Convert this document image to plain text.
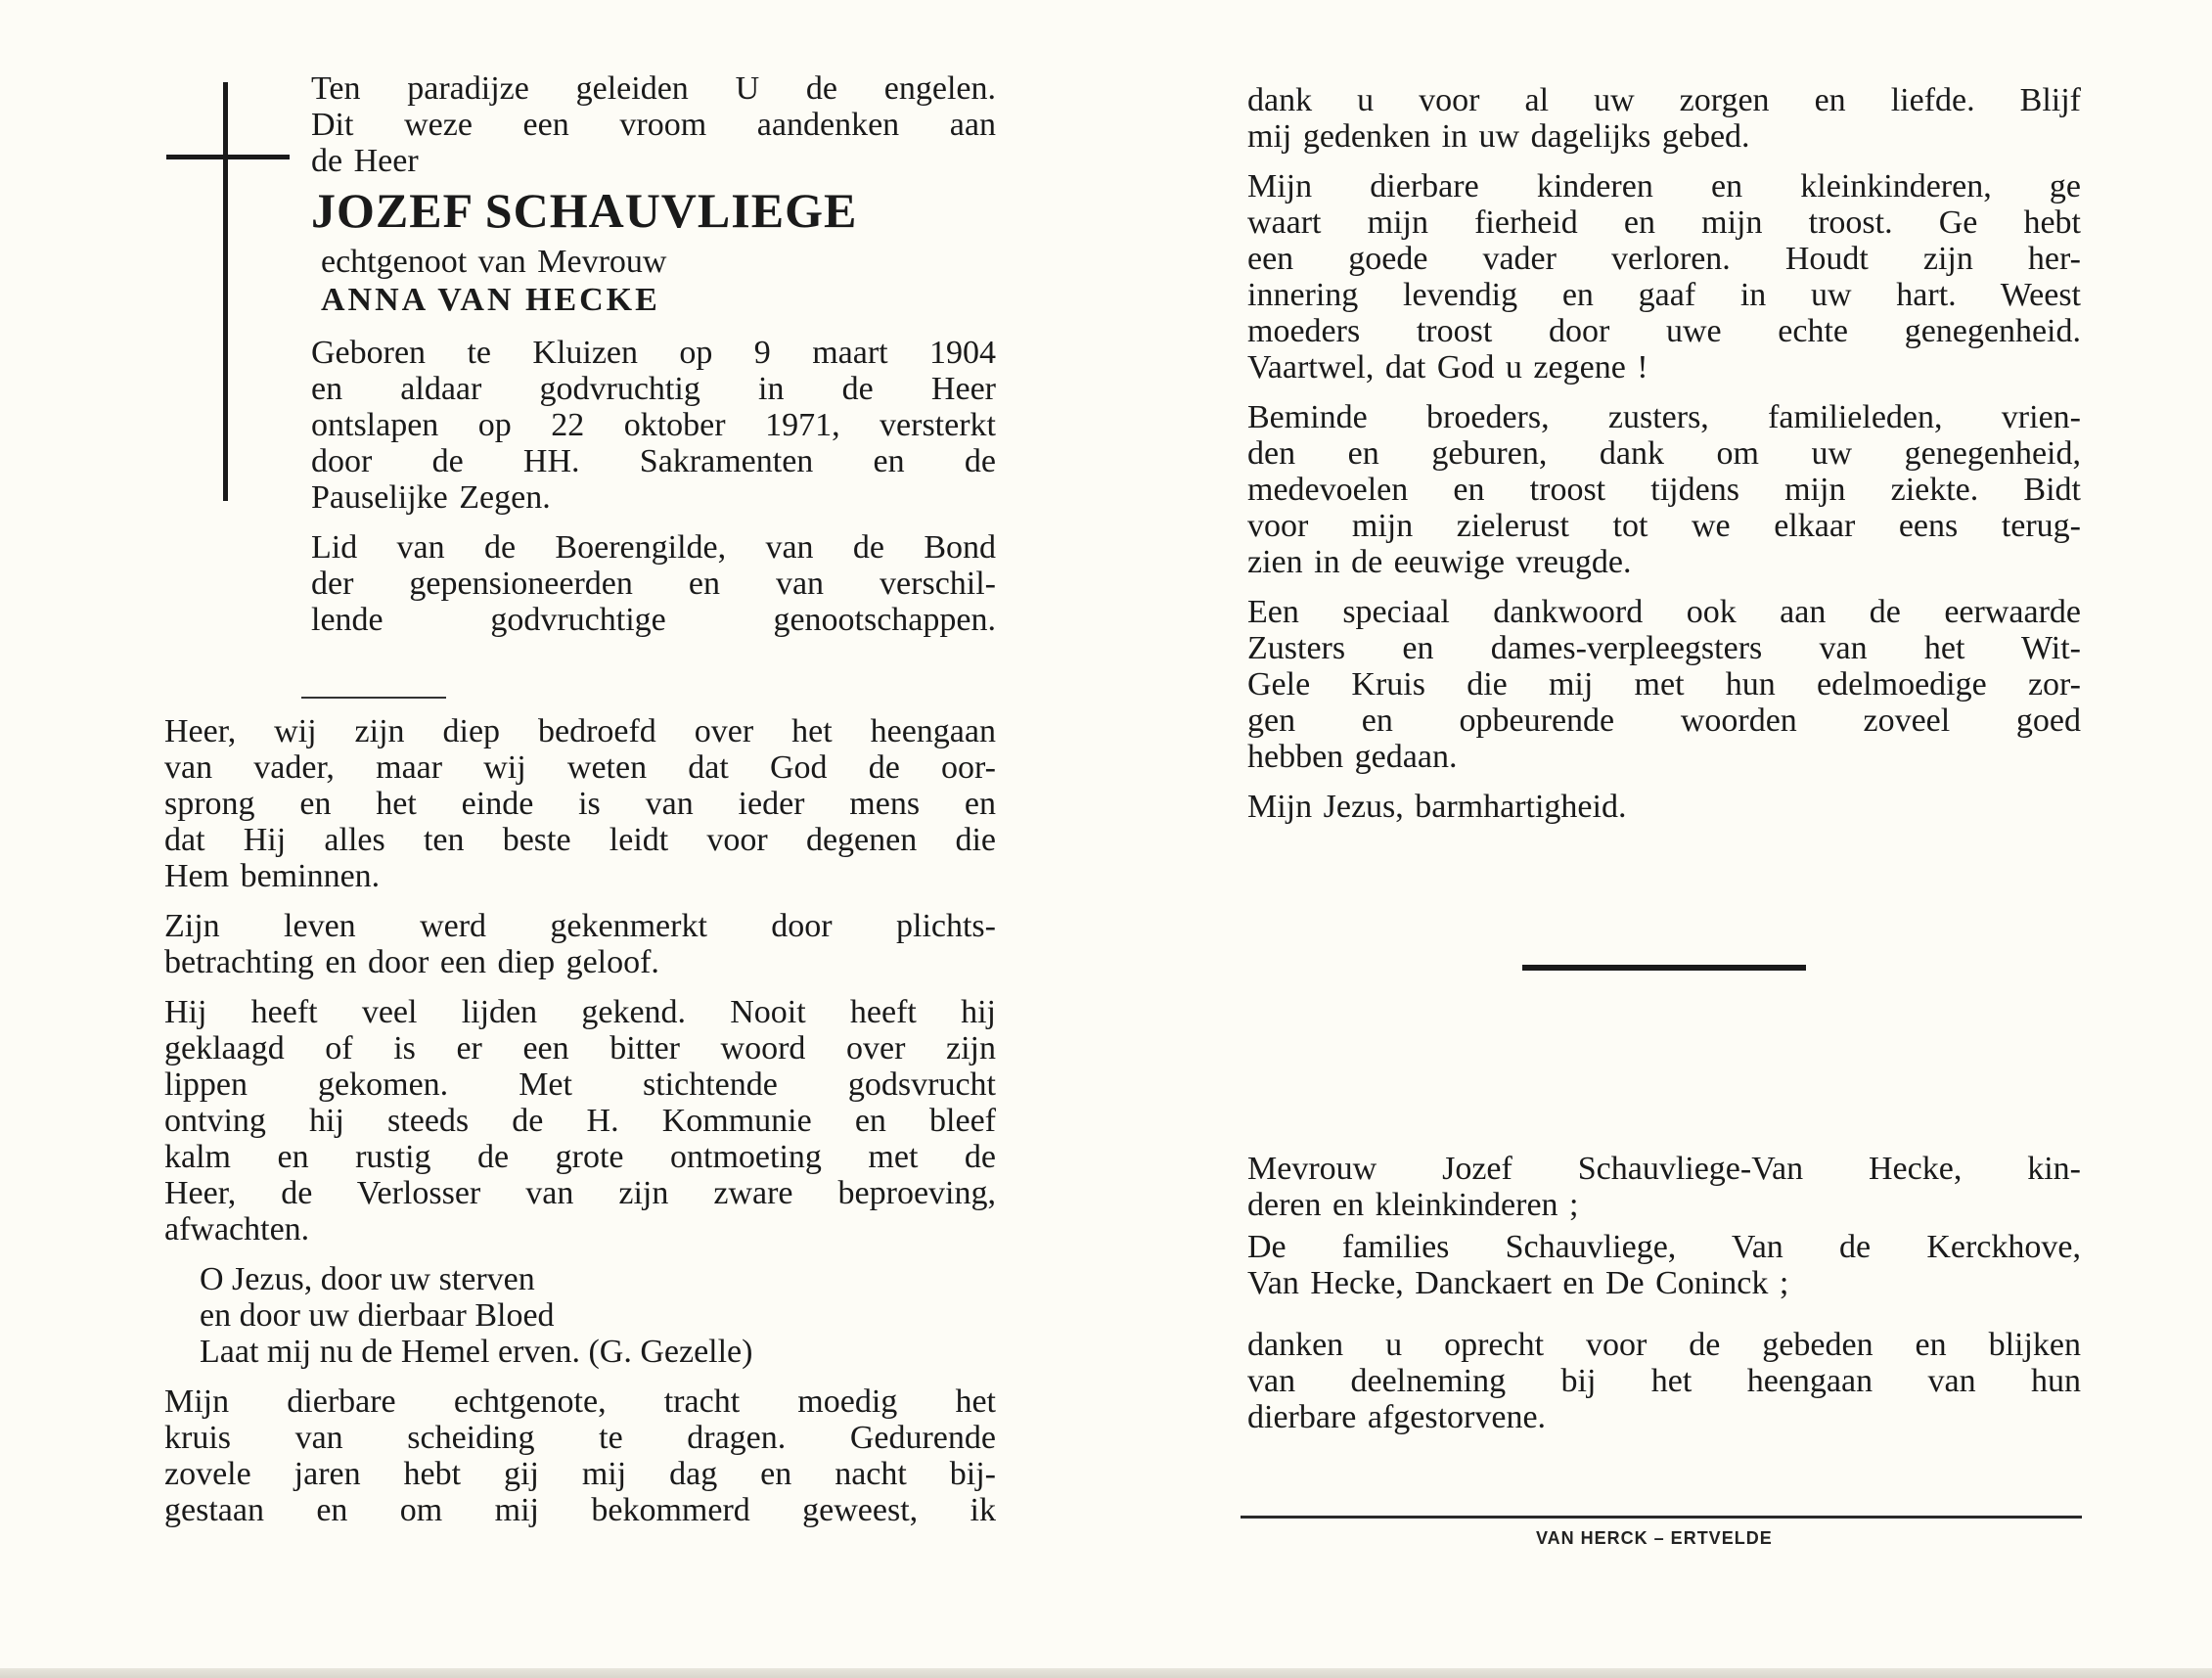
Ten paradijze geleiden U de engelen.

Dit weze een vroom aandenken aan

de Heer

JOZEF SCHAUVLIEGE

echtgenoot van Mevrouw

ANNA VAN HECKE

Geboren te Kluizen op 9 maart 1904

en aldaar godvruchtig in de Heer

ontslapen op 22 oktober 1971, versterkt

door de HH. Sakramenten en de

Pauselijke Zegen.

Lid van de Boerengilde, van de Bond

der gepensioneerden en van verschil-

lende godvruchtige genootschappen.

Heer, wij zijn diep bedroefd over het heengaan

van vader, maar wij weten dat God de oor-

sprong en het einde is van ieder mens en

dat Hij alles ten beste leidt voor degenen die

Hem beminnen.

Zijn leven werd gekenmerkt door plichts-

betrachting en door een diep geloof.

Hij heeft veel lijden gekend. Nooit heeft hij

geklaagd of is er een bitter woord over zijn

lippen gekomen. Met stichtende godsvrucht

ontving hij steeds de H. Kommunie en bleef

kalm en rustig de grote ontmoeting met de

Heer, de Verlosser van zijn zware beproeving,

afwachten.

O Jezus, door uw sterven
en door uw dierbaar Bloed
Laat mij nu de Hemel erven. (G. Gezelle)

Mijn dierbare echtgenote, tracht moedig het

kruis van scheiding te dragen. Gedurende

zovele jaren hebt gij mij dag en nacht bij-

gestaan en om mij bekommerd geweest, ik

dank u voor al uw zorgen en liefde. Blijf

mij gedenken in uw dagelijks gebed.

Mijn dierbare kinderen en kleinkinderen, ge

waart mijn fierheid en mijn troost. Ge hebt

een goede vader verloren. Houdt zijn her-

innering levendig en gaaf in uw hart. Weest

moeders troost door uwe echte genegenheid.

Vaartwel, dat God u zegene !

Beminde broeders, zusters, familieleden, vrien-

den en geburen, dank om uw genegenheid,

medevoelen en troost tijdens mijn ziekte. Bidt

voor mijn zielerust tot we elkaar eens terug-

zien in de eeuwige vreugde.

Een speciaal dankwoord ook aan de eerwaarde

Zusters en dames-verpleegsters van het Wit-

Gele Kruis die mij met hun edelmoedige zor-

gen en opbeurende woorden zoveel goed

hebben gedaan.

Mijn Jezus, barmhartigheid.

Mevrouw Jozef Schauvliege-Van Hecke, kin-

deren en kleinkinderen ;

De families Schauvliege, Van de Kerckhove,

Van Hecke, Danckaert en De Coninck ;

danken u oprecht voor de gebeden en blijken

van deelneming bij het heengaan van hun

dierbare afgestorvene.

VAN HERCK – ERTVELDE
